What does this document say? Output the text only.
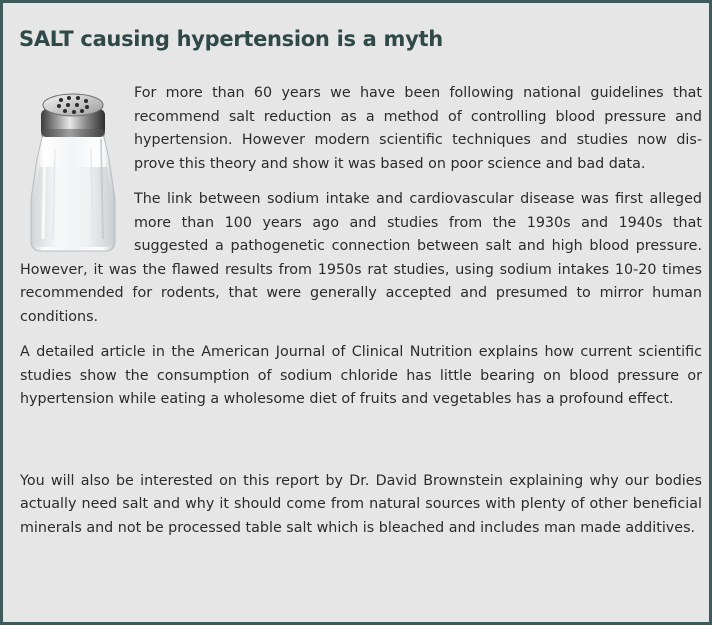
SALT causing hypertension is a myth

For more than 60 years we have been following national guidelines that recommend salt reduction as a method of controlling blood pressure and hypertension. However modern scientific techniques and studies now dis-prove this theory and show it was based on poor science and bad data.

The link between sodium intake and cardiovascular disease was first alleged more than 100 years ago and studies from the 1930s and 1940s that suggested a pathogenetic connection between salt and high blood pressure. However, it was the flawed results from 1950s rat studies, using sodium intakes 10-20 times recommended for rodents, that were generally accepted and presumed to mirror human conditions.

A detailed article in the American Journal of Clinical Nutrition explains how current scientific studies show the consumption of sodium chloride has little bearing on blood pressure or hypertension while eating a wholesome diet of fruits and vegetables has a profound effect.

You will also be interested on this report by Dr. David Brownstein explaining why our bodies actually need salt and why it should come from natural sources with plenty of other beneficial minerals and not be processed table salt which is bleached and includes man made additives.
